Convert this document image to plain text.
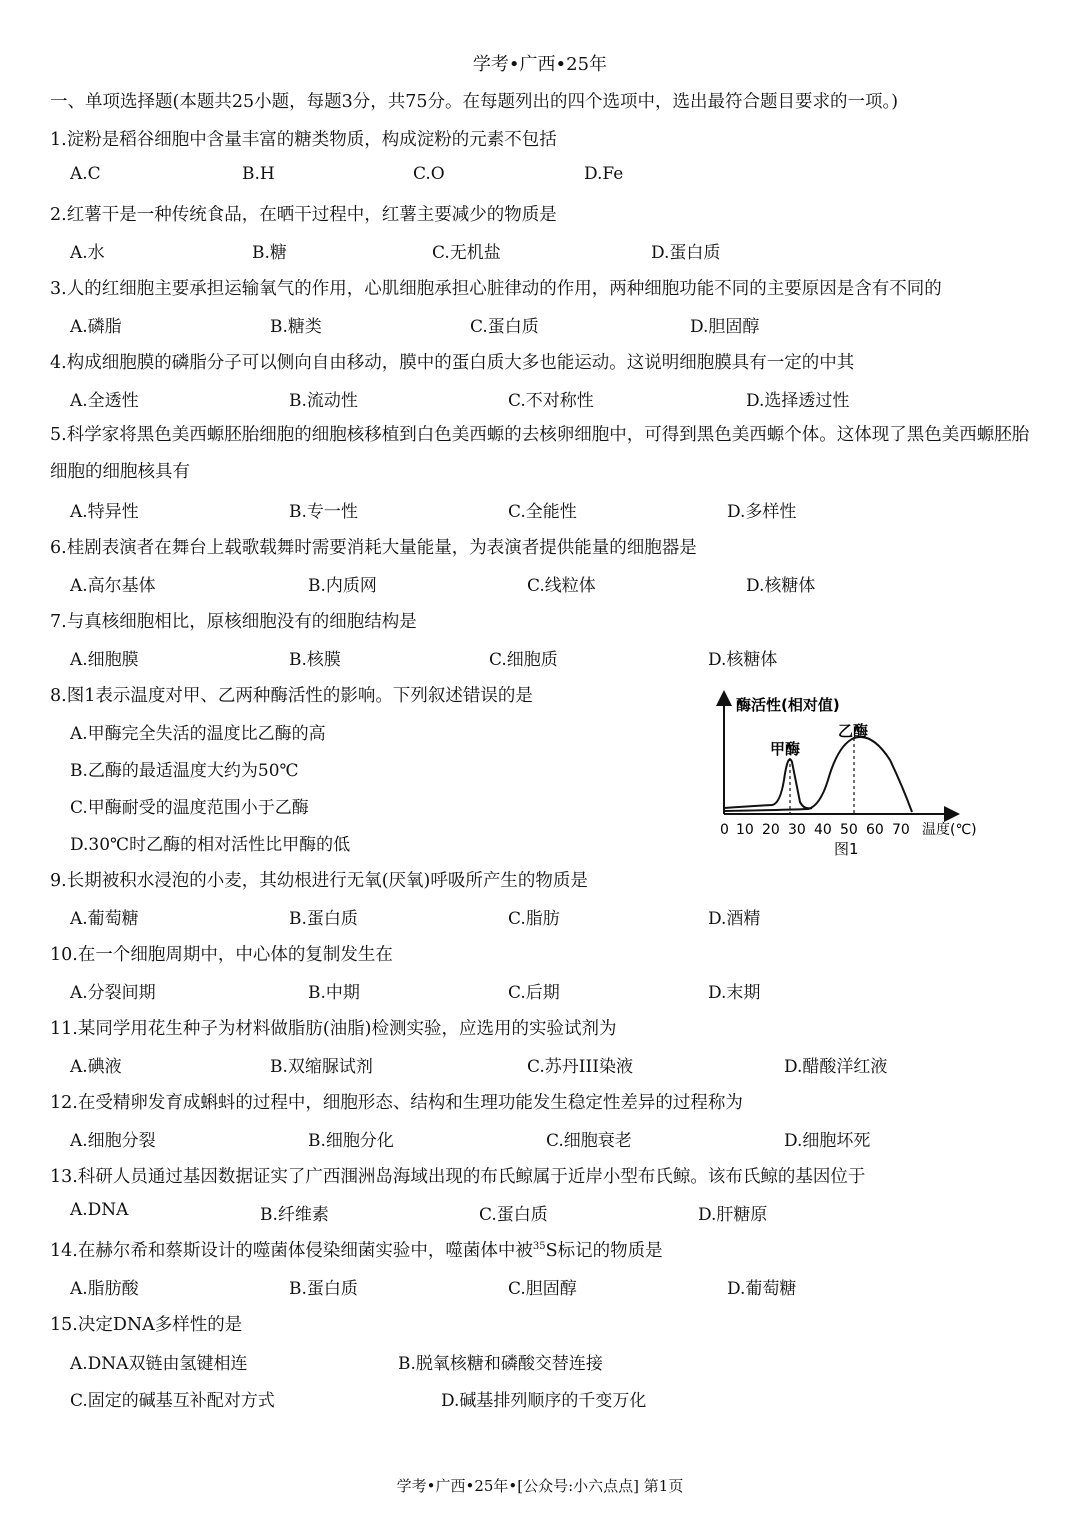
学考•广西•25年
一、单项选择题(本题共25小题，每题3分，共75分。在每题列出的四个选项中，选出最符合题目要求的一项。)
1.淀粉是稻谷细胞中含量丰富的糖类物质，构成淀粉的元素不包括
A.C	B.H	C.O	D.Fe
2.红薯干是一种传统食品，在晒干过程中，红薯主要减少的物质是
A.水	B.糖	C.无机盐	D.蛋白质
3.人的红细胞主要承担运输氧气的作用，心肌细胞承担心脏律动的作用，两种细胞功能不同的主要原因是含有不同的
A.磷脂	B.糖类	C.蛋白质	D.胆固醇
4.构成细胞膜的磷脂分子可以侧向自由移动，膜中的蛋白质大多也能运动。这说明细胞膜具有一定的中其
A.全透性	B.流动性	C.不对称性	D.选择透过性
5.科学家将黑色美西螈胚胎细胞的细胞核移植到白色美西螈的去核卵细胞中，可得到黑色美西螈个体。这体现了黑色美西螈胚胎细胞的细胞核具有
A.特异性	B.专一性	C.全能性	D.多样性
6.桂剧表演者在舞台上载歌载舞时需要消耗大量能量，为表演者提供能量的细胞器是
A.高尔基体	B.内质网	C.线粒体	D.核糖体
7.与真核细胞相比，原核细胞没有的细胞结构是
A.细胞膜	B.核膜	C.细胞质	D.核糖体
8.图1表示温度对甲、乙两种酶活性的影响。下列叙述错误的是
A.甲酶完全失活的温度比乙酶的高
B.乙酶的最适温度大约为50℃
C.甲酶耐受的温度范围小于乙酶
D.30℃时乙酶的相对活性比甲酶的低
酶活性(相对值)
甲酶
乙酶
0 10 20 30 40 50 60 70 温度(℃)
图1
9.长期被积水浸泡的小麦，其幼根进行无氧(厌氧)呼吸所产生的物质是
A.葡萄糖	B.蛋白质	C.脂肪	D.酒精
10.在一个细胞周期中，中心体的复制发生在
A.分裂间期	B.中期	C.后期	D.末期
11.某同学用花生种子为材料做脂肪(油脂)检测实验，应选用的实验试剂为
A.碘液	B.双缩脲试剂	C.苏丹III染液	D.醋酸洋红液
12.在受精卵发育成蝌蚪的过程中，细胞形态、结构和生理功能发生稳定性差异的过程称为
A.细胞分裂	B.细胞分化	C.细胞衰老	D.细胞坏死
13.科研人员通过基因数据证实了广西涠洲岛海域出现的布氏鲸属于近岸小型布氏鲸。该布氏鲸的基因位于
A.DNA	B.纤维素	C.蛋白质	D.肝糖原
14.在赫尔希和蔡斯设计的噬菌体侵染细菌实验中，噬菌体中被$^{35}$S标记的物质是
A.脂肪酸	B.蛋白质	C.胆固醇	D.葡萄糖
15.决定DNA多样性的是
A.DNA双链由氢键相连	B.脱氧核糖和磷酸交替连接
C.固定的碱基互补配对方式	D.碱基排列顺序的千变万化
学考•广西•25年•[公众号:小六点点] 第1页
